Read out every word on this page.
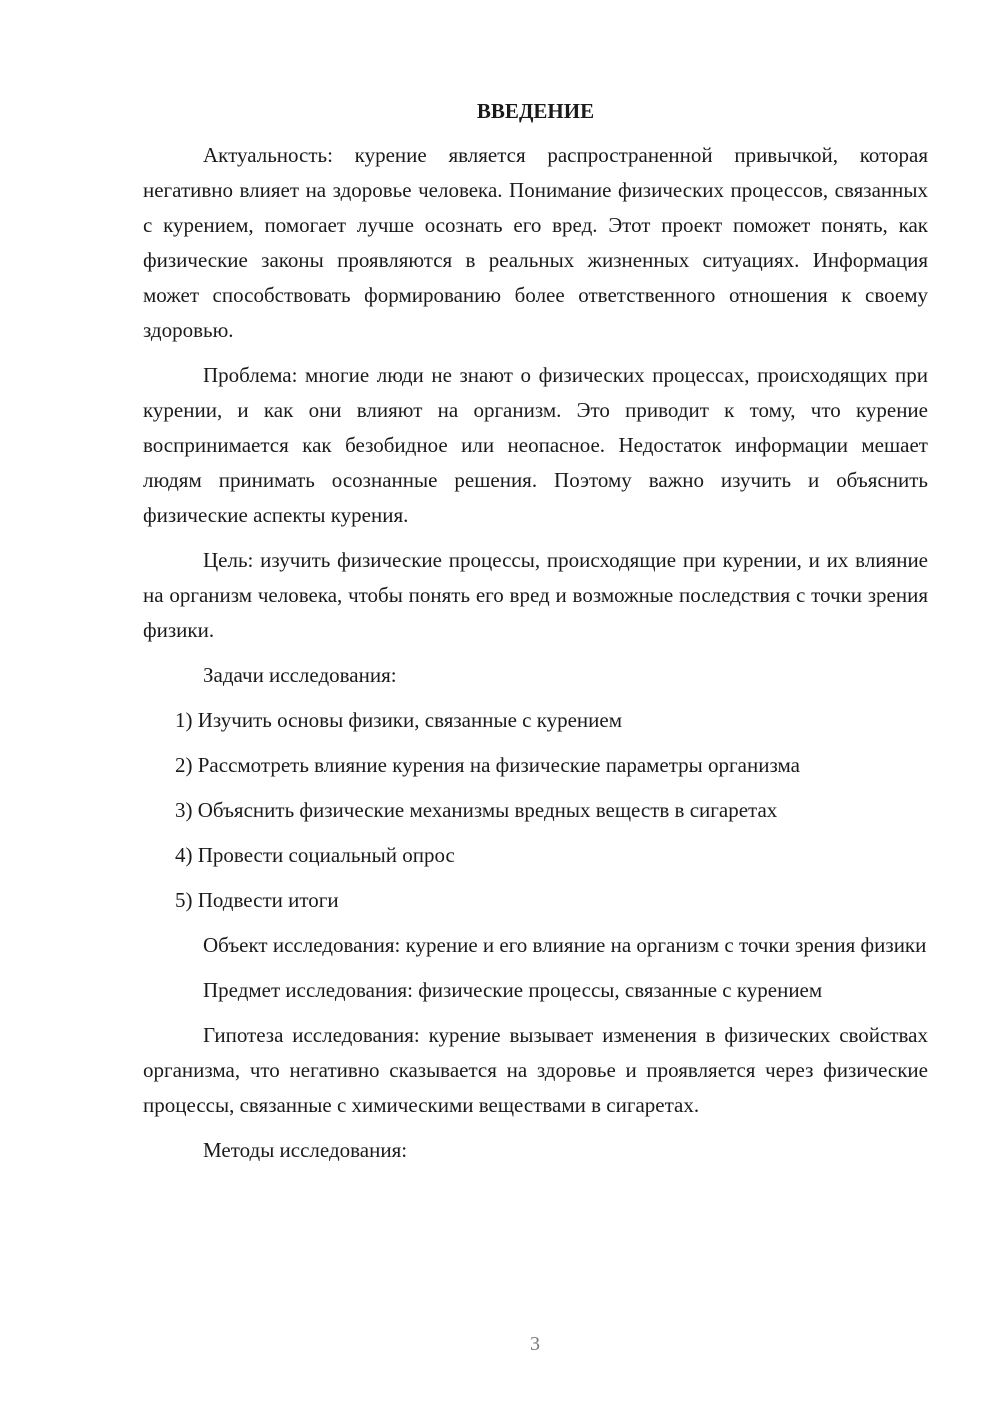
ВВЕДЕНИЕ

Актуальность: курение является распространенной привычкой, которая негативно влияет на здоровье человека. Понимание физических процессов, связанных с курением, помогает лучше осознать его вред. Этот проект поможет понять, как физические законы проявляются в реальных жизненных ситуациях. Информация может способствовать формированию более ответственного отношения к своему здоровью.

Проблема: многие люди не знают о физических процессах, происходящих при курении, и как они влияют на организм. Это приводит к тому, что курение воспринимается как безобидное или неопасное. Недостаток информации мешает людям принимать осознанные решения. Поэтому важно изучить и объяснить физические аспекты курения.

Цель: изучить физические процессы, происходящие при курении, и их влияние на организм человека, чтобы понять его вред и возможные последствия с точки зрения физики.

Задачи исследования:

1) Изучить основы физики, связанные с курением
2) Рассмотреть влияние курения на физические параметры организма
3) Объяснить физические механизмы вредных веществ в сигаретах
4) Провести социальный опрос
5) Подвести итоги

Объект исследования: курение и его влияние на организм с точки зрения физики

Предмет исследования: физические процессы, связанные с курением

Гипотеза исследования: курение вызывает изменения в физических свойствах организма, что негативно сказывается на здоровье и проявляется через физические процессы, связанные с химическими веществами в сигаретах.

Методы исследования:

3
